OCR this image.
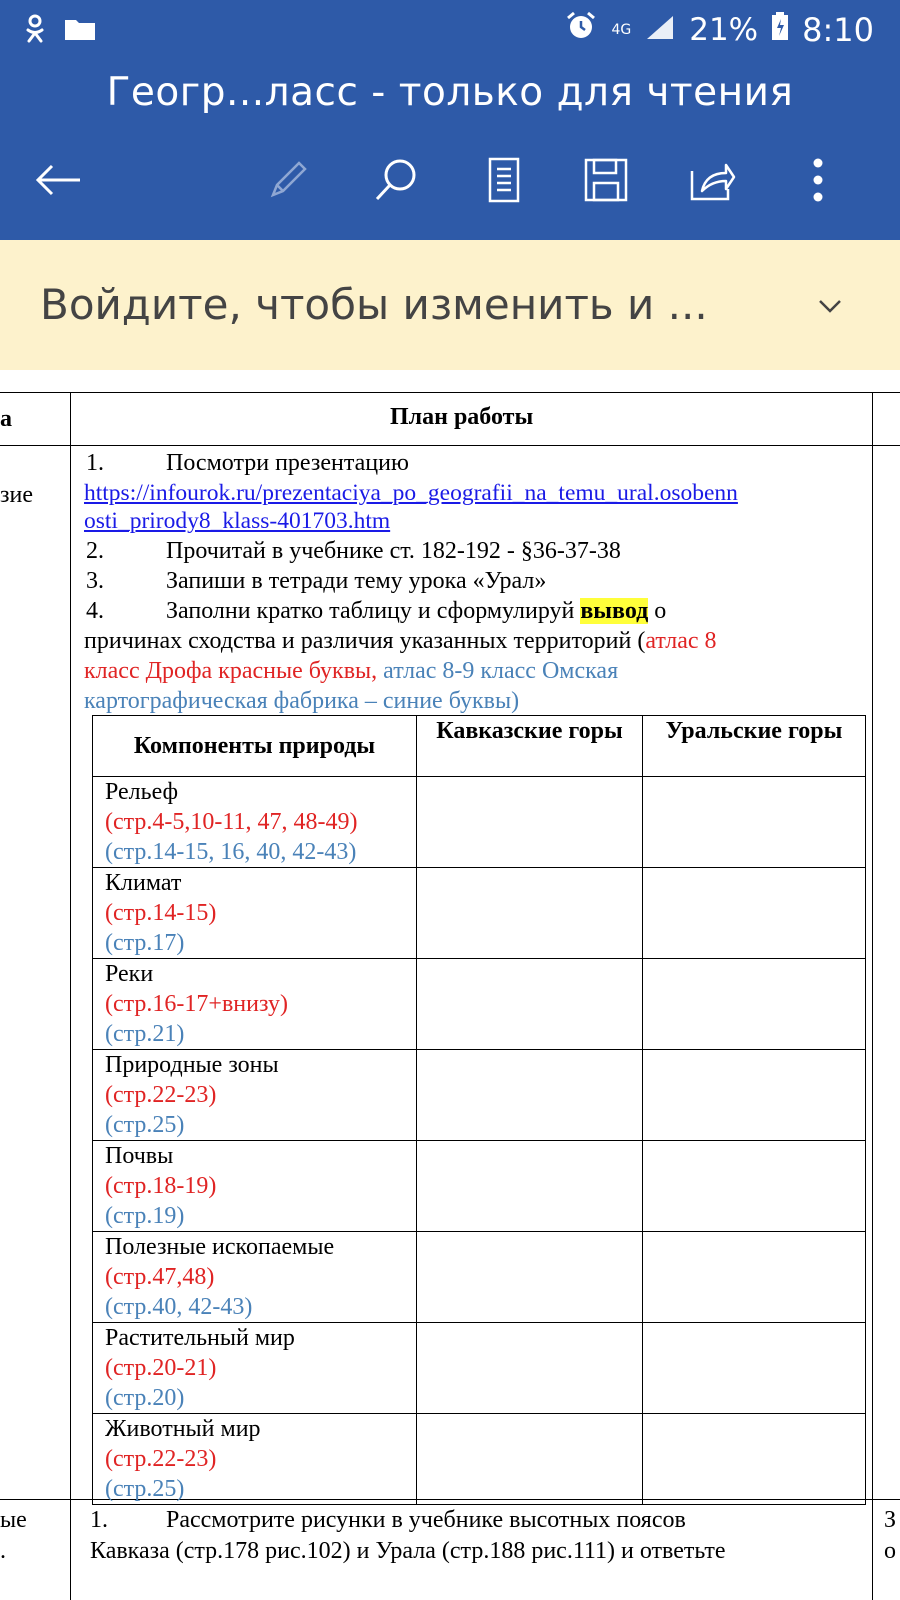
4G 21% 8:10
Геогр...ласс - только для чтения
Войдите, чтобы изменить и ...
а
зие
ые
.
З
о
План работы
1.	Посмотри презентацию
https://infourok.ru/prezentaciya_po_geografii_na_temu_ural.osobenn
osti_prirody8_klass-401703.htm
2.	Прочитай в учебнике ст. 182-192 - §36-37-38
3.	Запиши в тетради тему урока «Урал»
4.	Заполни кратко таблицу и сформулируй вывод о
причинах сходства и различия указанных территорий (атлас 8
класс Дрофа красные буквы, атлас 8-9 класс Омская
картографическая фабрика – синие буквы)
Компоненты природы	Кавказские горы	Уральские горы

Рельеф
(стр.4-5,10-11, 47, 48-49)
(стр.14-15, 16, 40, 42-43)		

Климат
(стр.14-15)
(стр.17)		

Реки
(стр.16-17+внизу)
(стр.21)		

Природные зоны
(стр.22-23)
(стр.25)		

Почвы
(стр.18-19)
(стр.19)		

Полезные ископаемые
(стр.47,48)
(стр.40, 42-43)		

Растительный мир
(стр.20-21)
(стр.20)		

Животный мир
(стр.22-23)
(стр.25)		

1. Рассмотрите рисунки в учебнике высотных поясов
Кавказа (стр.178 рис.102) и Урала (стр.188 рис.111) и ответьте
